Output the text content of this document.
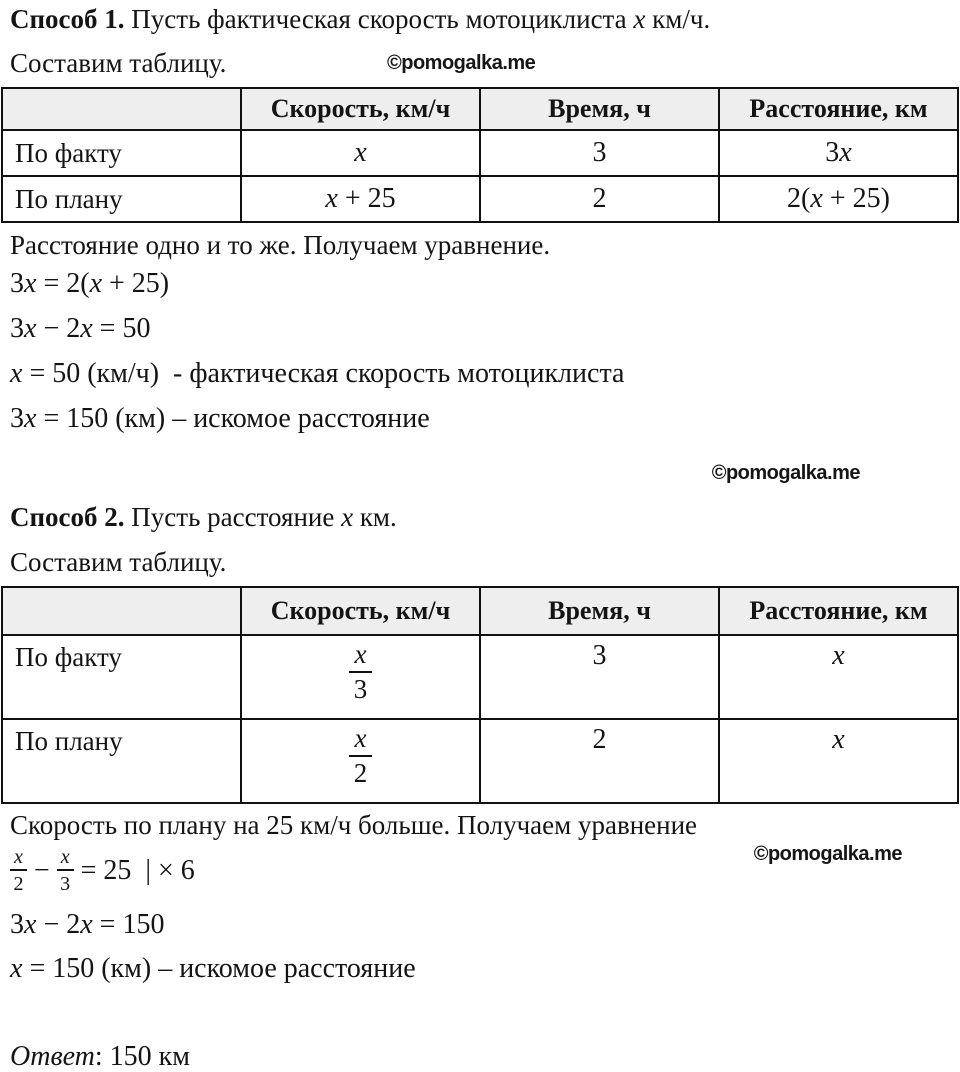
Способ 1. Пусть фактическая скорость мотоциклиста x км/ч.
Составим таблицу.	©pomogalka.me
	Скорость, км/ч	Время, ч	Расстояние, км
По факту	x	3	3x
По плану	x + 25	2	2(x + 25)
Расстояние одно и то же. Получаем уравнение.
3x = 2(x + 25)
3x − 2x = 50
x = 50 (км/ч)  - фактическая скорость мотоциклиста
3x = 150 (км) – искомое расстояние
©pomogalka.me
Способ 2. Пусть расстояние x км.
Составим таблицу.
	Скорость, км/ч	Время, ч	Расстояние, км
По факту	$\frac{x}{3}$	3	x
По плану	$\frac{x}{2}$	2	x
Скорость по плану на 25 км/ч больше. Получаем уравнение
$\frac{x}{2} - \frac{x}{3} = 25$  | × 6
©pomogalka.me
3x − 2x = 150
x = 150 (км) – искомое расстояние
Ответ: 150 км
